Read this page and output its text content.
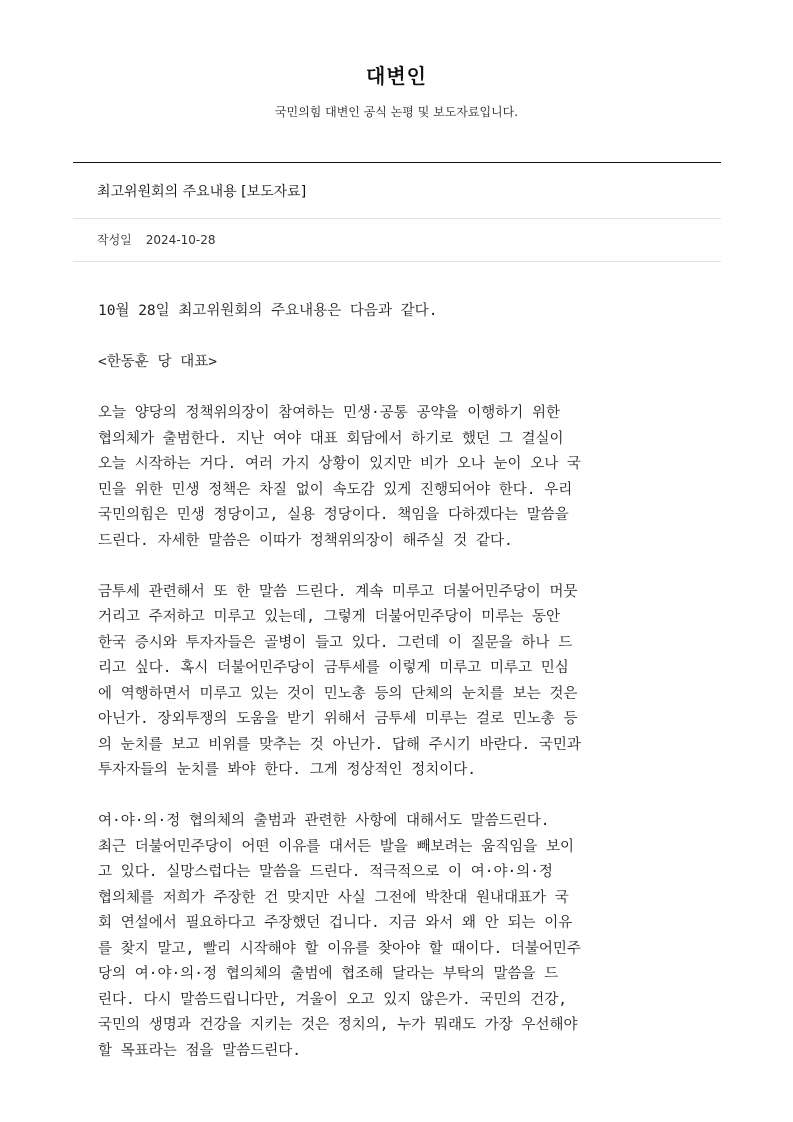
대변인
국민의힘 대변인 공식 논평 및 보도자료입니다.
최고위원회의 주요내용 [보도자료]
작성일 2024-10-28

10월 28일 최고위원회의 주요내용은 다음과 같다.

<한동훈 당 대표>

오늘 양당의 정책위의장이 참여하는 민생·공통 공약을 이행하기 위한
협의체가 출범한다. 지난 여야 대표 회담에서 하기로 했던 그 결실이
오늘 시작하는 거다. 여러 가지 상황이 있지만 비가 오나 눈이 오나 국
민을 위한 민생 정책은 차질 없이 속도감 있게 진행되어야 한다. 우리
국민의힘은 민생 정당이고, 실용 정당이다. 책임을 다하겠다는 말씀을
드린다. 자세한 말씀은 이따가 정책위의장이 해주실 것 같다.

금투세 관련해서 또 한 말씀 드린다. 계속 미루고 더불어민주당이 머뭇
거리고 주저하고 미루고 있는데, 그렇게 더불어민주당이 미루는 동안
한국 증시와 투자자들은 골병이 들고 있다. 그런데 이 질문을 하나 드
리고 싶다. 혹시 더불어민주당이 금투세를 이렇게 미루고 미루고 민심
에 역행하면서 미루고 있는 것이 민노총 등의 단체의 눈치를 보는 것은
아닌가. 장외투쟁의 도움을 받기 위해서 금투세 미루는 걸로 민노총 등
의 눈치를 보고 비위를 맞추는 것 아닌가. 답해 주시기 바란다. 국민과
투자자들의 눈치를 봐야 한다. 그게 정상적인 정치이다.

여·야·의·정 협의체의 출범과 관련한 사항에 대해서도 말씀드린다.
최근 더불어민주당이 어떤 이유를 대서든 발을 빼보려는 움직임을 보이
고 있다. 실망스럽다는 말씀을 드린다. 적극적으로 이 여·야·의·정
협의체를 저희가 주장한 건 맞지만 사실 그전에 박찬대 원내대표가 국
회 연설에서 필요하다고 주장했던 겁니다. 지금 와서 왜 안 되는 이유
를 찾지 말고, 빨리 시작해야 할 이유를 찾아야 할 때이다. 더불어민주
당의 여·야·의·정 협의체의 출범에 협조해 달라는 부탁의 말씀을 드
린다. 다시 말씀드립니다만, 겨울이 오고 있지 않은가. 국민의 건강,
국민의 생명과 건강을 지키는 것은 정치의, 누가 뭐래도 가장 우선해야
할 목표라는 점을 말씀드린다.
